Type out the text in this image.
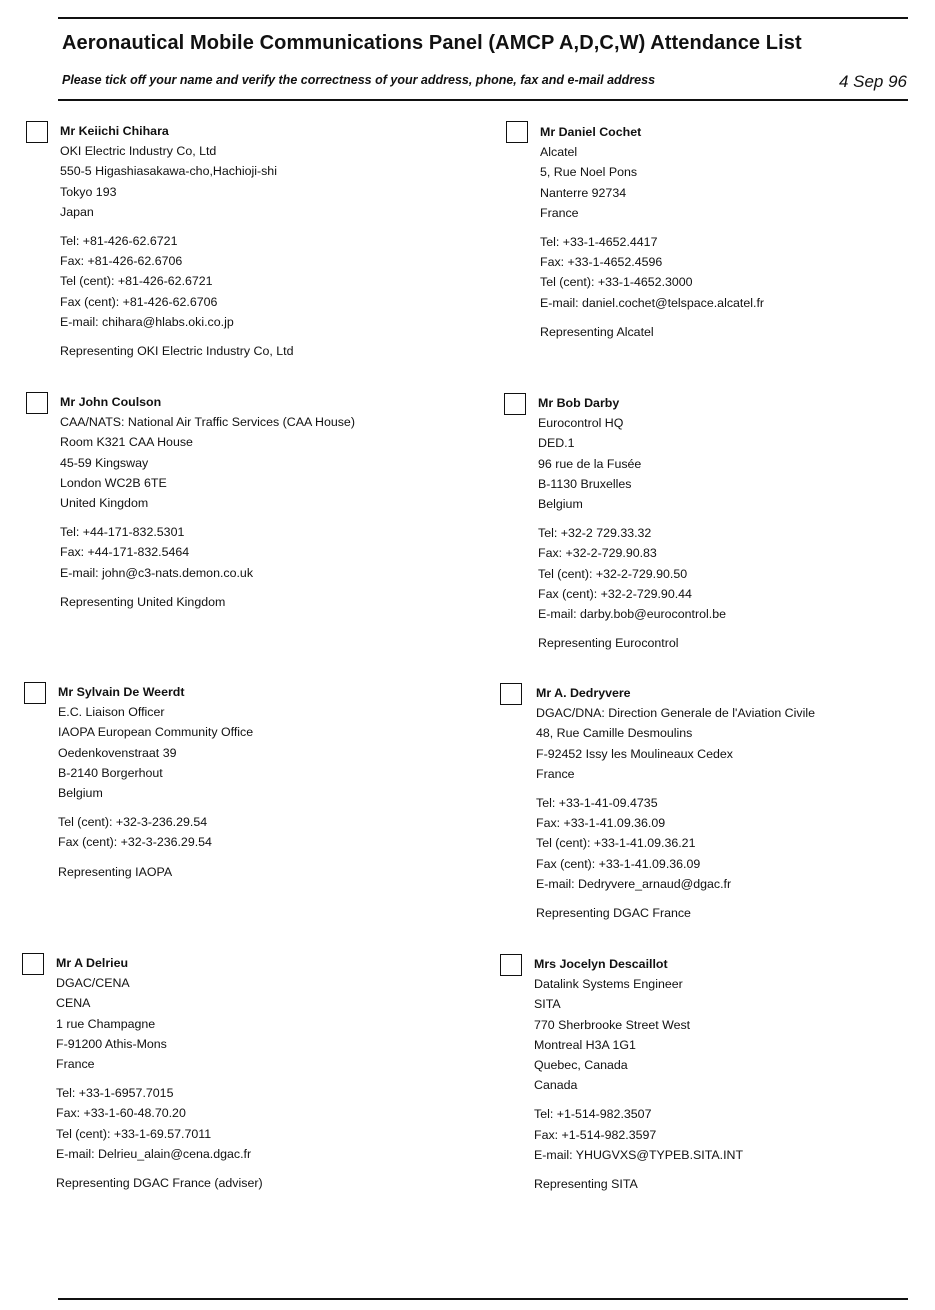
Aeronautical Mobile Communications Panel (AMCP A,D,C,W) Attendance List
Please tick off your name and verify the correctness of your address, phone, fax and e-mail address	4 Sep 96
Mr Keiichi Chihara
OKI Electric Industry Co, Ltd
550-5 Higashiasakawa-cho,Hachioji-shi
Tokyo 193
Japan
Tel: +81-426-62.6721
Fax: +81-426-62.6706
Tel (cent): +81-426-62.6721
Fax (cent): +81-426-62.6706
E-mail: chihara@hlabs.oki.co.jp
Representing OKI Electric Industry Co, Ltd
Mr Daniel Cochet
Alcatel
5, Rue Noel Pons
Nanterre 92734
France
Tel: +33-1-4652.4417
Fax: +33-1-4652.4596
Tel (cent): +33-1-4652.3000
E-mail: daniel.cochet@telspace.alcatel.fr
Representing Alcatel
Mr John Coulson
CAA/NATS: National Air Traffic Services (CAA House)
Room K321 CAA House
45-59 Kingsway
London WC2B 6TE
United Kingdom
Tel: +44-171-832.5301
Fax: +44-171-832.5464
E-mail: john@c3-nats.demon.co.uk
Representing United Kingdom
Mr Bob Darby
Eurocontrol HQ
DED.1
96 rue de la Fusée
B-1130 Bruxelles
Belgium
Tel: +32-2 729.33.32
Fax: +32-2-729.90.83
Tel (cent): +32-2-729.90.50
Fax (cent): +32-2-729.90.44
E-mail: darby.bob@eurocontrol.be
Representing Eurocontrol
Mr Sylvain De Weerdt
E.C. Liaison Officer
IAOPA European Community Office
Oedenkovenstraat 39
B-2140 Borgerhout
Belgium
Tel (cent): +32-3-236.29.54
Fax (cent): +32-3-236.29.54
Representing IAOPA
Mr A. Dedryvere
DGAC/DNA: Direction Generale de l'Aviation Civile
48, Rue Camille Desmoulins
F-92452 Issy les Moulineaux Cedex
France
Tel: +33-1-41-09.4735
Fax: +33-1-41.09.36.09
Tel (cent): +33-1-41.09.36.21
Fax (cent): +33-1-41.09.36.09
E-mail: Dedryvere_arnaud@dgac.fr
Representing DGAC France
Mr A Delrieu
DGAC/CENA
CENA
1 rue Champagne
F-91200 Athis-Mons
France
Tel: +33-1-6957.7015
Fax: +33-1-60-48.70.20
Tel (cent): +33-1-69.57.7011
E-mail: Delrieu_alain@cena.dgac.fr
Representing DGAC France (adviser)
Mrs Jocelyn Descaillot
Datalink Systems Engineer
SITA
770 Sherbrooke Street West
Montreal H3A 1G1
Quebec, Canada
Canada
Tel: +1-514-982.3507
Fax: +1-514-982.3597
E-mail: YHUGVXS@TYPEB.SITA.INT
Representing SITA
